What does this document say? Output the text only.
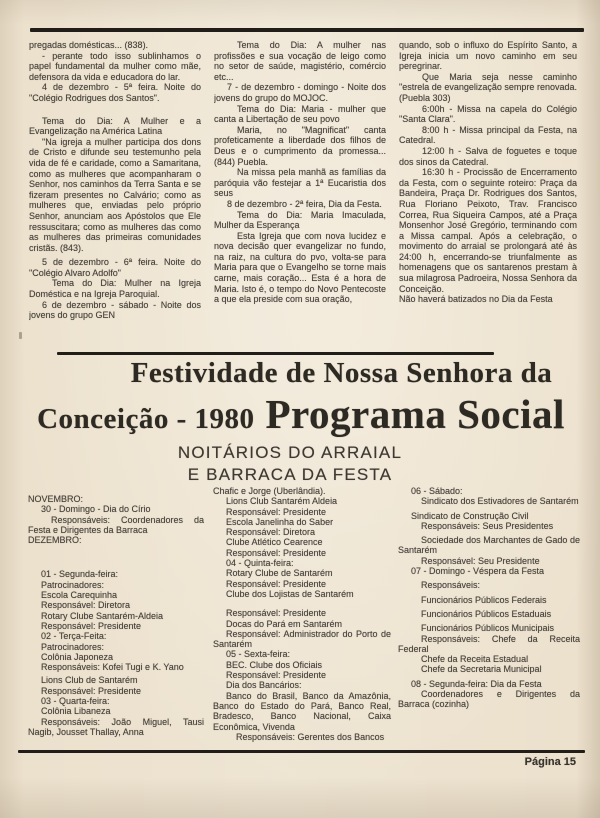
pregadas domésticas... (838).

- perante todo isso sublinhamos o papel fundamental da mulher como mãe, defensora da vida e educadora do lar.

4 de dezembro - 5ª feira. Noite do "Colégio Rodrigues dos Santos".

Tema do Dia: A Mulher e a Evangelização na América Latina

"Na igreja a mulher participa dos dons de Cristo e difunde seu testemunho pela vida de fé e caridade, como a Samaritana, como as mulheres que acompanharam o Senhor, nos caminhos da Terra Santa e se fizeram presentes no Calvário; como as mulheres que, enviadas pelo próprio Senhor, anunciam aos Apóstolos que Ele ressuscitara; como as mulheres das como as mulheres das primeiras comunidades cristãs. (843).

5 de dezembro - 6ª feira. Noite do "Colégio Alvaro Adolfo"

Tema do Dia: Mulher na Igreja Doméstica e na Igreja Paroquial.

6 de dezembro - sábado - Noite dos jovens do grupo GEN

Tema do Dia: A mulher nas profissões e sua vocação de leigo como no setor de saúde, magistério, comércio etc...

7 - de dezembro - domingo - Noite dos jovens do grupo do MOJOC.

Tema do Dia: Maria - mulher que canta a Libertação de seu povo

Maria, no "Magnificat" canta profeticamente a liberdade dos filhos de Deus e o cumprimento da promessa... (844) Puebla.

Na missa pela manhã as famílias da paróquia vão festejar a 1ª Eucaristia dos seus

8 de dezembro - 2ª feira, Dia da Festa.

Tema do Dia: Maria Imaculada, Mulher da Esperança

Esta Igreja que com nova lucidez e nova decisão quer evangelizar no fundo, na raiz, na cultura do pvo, volta-se para Maria para que o Evangelho se torne mais carne, mais coração... Esta é a hora de Maria. Isto é, o tempo do Novo Pentecoste a que ela preside com sua oração,

quando, sob o influxo do Espírito Santo, a Igreja inicia um novo caminho em seu peregrinar.

Que Maria seja nesse caminho "estrela de evangelização sempre renovada. (Puebla 303)

6:00h - Missa na capela do Colégio "Santa Clara".

8:00 h - Missa principal da Festa, na Catedral.

12:00 h - Salva de foguetes e toque dos sinos da Catedral.

16:30 h - Procissão de Encerramento da Festa, com o seguinte roteiro: Praça da Bandeira, Praça Dr. Rodrigues dos Santos, Rua Floriano Peixoto, Trav. Francisco Correa, Rua Siqueira Campos, até a Praça Monsenhor José Gregório, terminando com a Missa campal. Após a celebração, o movimento do arraial se prolongará até às 24:00 h, encerrando-se triunfalmente as homenagens que os santarenos prestam à sua milagrosa Padroeira, Nossa Senhora da Conceição.

Não haverá batizados no Dia da Festa

Festividade de Nossa Senhora da
Conceição - 1980 Programa Social
NOITÁRIOS DO ARRAIAL
E BARRACA DA FESTA

NOVEMBRO:

30 - Domingo - Dia do Círio

Responsáveis: Coordenadores da Festa e Dirigentes da Barraca

DEZEMBRO:

01 - Segunda-feira:

Patrocinadores:

Escola Carequinha

Responsável: Diretora

Rotary Clube Santarém-Aldeia

Responsável: Presidente

02 - Terça-Feita:

Patrocinadores:

Colônia Japoneza

Responsáveis: Kofei Tugi e K. Yano

Lions Club de Santarém

Responsável: Presidente

03 - Quarta-feira:

Colônia Libaneza

Responsáveis: João Miguel, Tausi Nagib, Jousset Thallay, Anna

Chafic e Jorge (Uberlândia).

Lions Club Santarém Aldeia

Responsável: Presidente

Escola Janelinha do Saber

Responsável: Diretora

Clube Atlético Cearence

Responsável: Presidente

04 - Quinta-feira:

Rotary Clube de Santarém

Responsável: Presidente

Clube dos Lojistas de Santarém

Responsável: Presidente

Docas do Pará em Santarém

Responsável: Administrador do Porto de Santarém

05 - Sexta-feira:

BEC. Clube dos Oficiais

Responsável: Presidente

Dia dos Bancários:

Banco do Brasil, Banco da Amazônia, Banco do Estado do Pará, Banco Real, Bradesco, Banco Nacional, Caixa Econômica, Vivenda

Responsáveis: Gerentes dos Bancos

06 - Sábado:

Sindicato dos Estivadores de Santarém

Sindicato de Construção Civil

Responsáveis: Seus Presidentes

Sociedade dos Marchantes de Gado de Santarém

Responsável: Seu Presidente

07 - Domingo - Véspera da Festa

Responsáveis:

Funcionários Públicos Federais

Funcionários Públicos Estaduais

Funcionários Públicos Municipais

Responsáveis: Chefe da Receita Federal

Chefe da Receita Estadual

Chefe da Secretaria Municipal

08 - Segunda-feira: Dia da Festa

Coordenadores e Dirigentes da Barraca (cozinha)

Página 15
